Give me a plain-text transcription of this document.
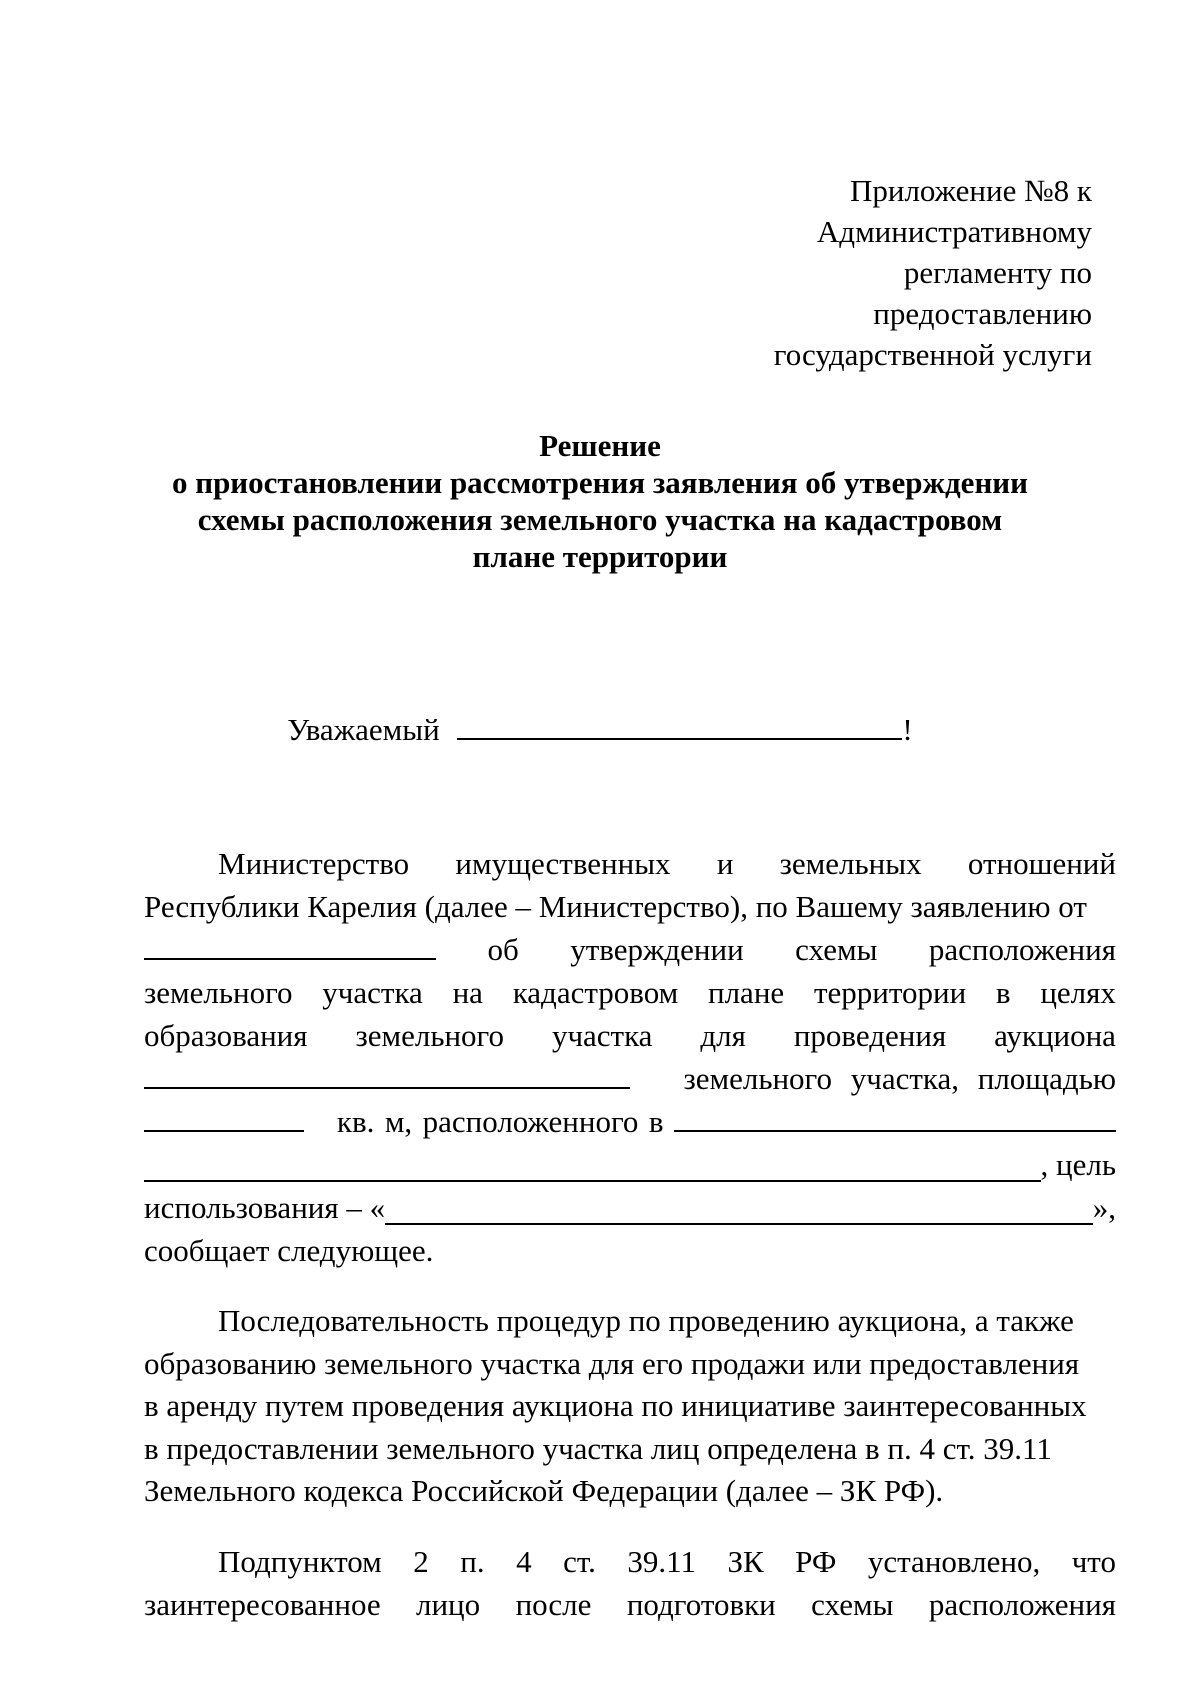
Приложение №8 к
Административному
регламенту по
предоставлению
государственной услуги
Решение
о приостановлении рассмотрения заявления об утверждении
схемы расположения земельного участка на кадастровом
плане территории
Уважаемый	!
Министерство имущественных и земельных отношений
Республики Карелия (далее – Министерство), по Вашему заявлению от
об утверждении схемы расположения
земельного участка на кадастровом плане территории в целях
образования земельного участка для проведения аукциона
земельного участка, площадью
кв. м, расположенного в
, цель
использования – «	»,
сообщает следующее.
Последовательность процедур по проведению аукциона, а также
образованию земельного участка для его продажи или предоставления
в аренду путем проведения аукциона по инициативе заинтересованных
в предоставлении земельного участка лиц определена в п. 4 ст. 39.11
Земельного кодекса Российской Федерации (далее – ЗК РФ).
Подпунктом 2 п. 4 ст. 39.11 ЗК РФ установлено, что
заинтересованное лицо после подготовки схемы расположения
